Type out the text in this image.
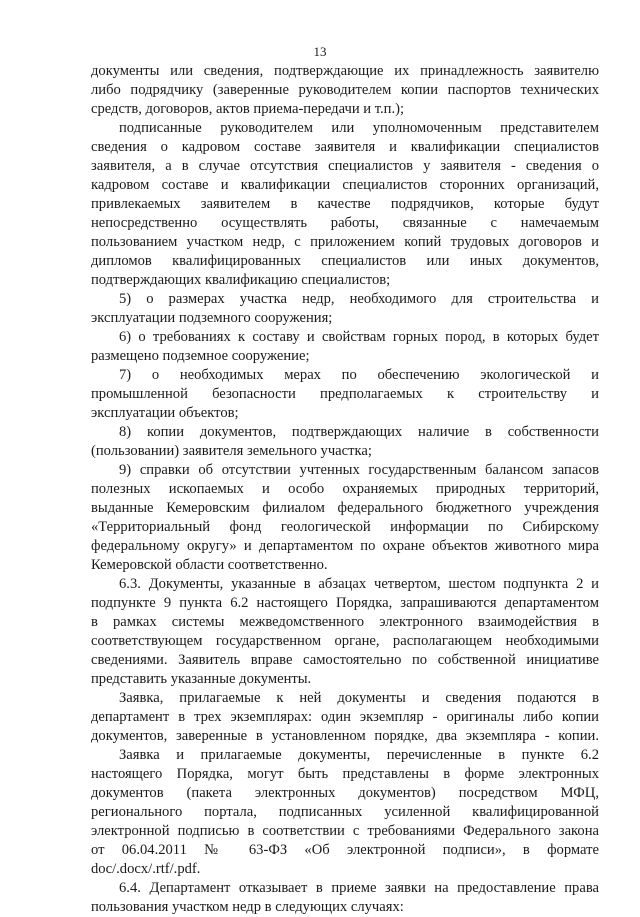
13
документы или сведения, подтверждающие их принадлежность заявителю
либо подрядчику (заверенные руководителем копии паспортов технических
средств, договоров, актов приема-передачи и т.п.);
подписанные руководителем или уполномоченным представителем
сведения о кадровом составе заявителя и квалификации специалистов
заявителя, а в случае отсутствия специалистов у заявителя - сведения о
кадровом составе и квалификации специалистов сторонних организаций,
привлекаемых заявителем в качестве подрядчиков, которые будут
непосредственно осуществлять работы, связанные с намечаемым
пользованием участком недр, с приложением копий трудовых договоров и
дипломов квалифицированных специалистов или иных документов,
подтверждающих квалификацию специалистов;
5) о размерах участка недр, необходимого для строительства и
эксплуатации подземного сооружения;
6) о требованиях к составу и свойствам горных пород, в которых будет
размещено подземное сооружение;
7) о необходимых мерах по обеспечению экологической и
промышленной безопасности предполагаемых к строительству и
эксплуатации объектов;
8) копии документов, подтверждающих наличие в собственности
(пользовании) заявителя земельного участка;
9) справки об отсутствии учтенных государственным балансом запасов
полезных ископаемых и особо охраняемых природных территорий,
выданные Кемеровским филиалом федерального бюджетного учреждения
«Территориальный фонд геологической информации по Сибирскому
федеральному округу» и департаментом по охране объектов животного мира
Кемеровской области соответственно.
6.3. Документы, указанные в абзацах четвертом, шестом подпункта 2 и
подпункте 9 пункта 6.2 настоящего Порядка, запрашиваются департаментом
в рамках системы межведомственного электронного взаимодействия в
соответствующем государственном органе, располагающем необходимыми
сведениями. Заявитель вправе самостоятельно по собственной инициативе
представить указанные документы.
Заявка, прилагаемые к ней документы и сведения подаются в
департамент в трех экземплярах: один экземпляр - оригиналы либо копии
документов, заверенные в установленном порядке, два экземпляра - копии.
Заявка и прилагаемые документы, перечисленные в пункте 6.2
настоящего Порядка, могут быть представлены в форме электронных
документов (пакета электронных документов) посредством МФЦ,
регионального портала, подписанных усиленной квалифицированной
электронной подписью в соответствии с требованиями Федерального закона
от 06.04.2011 № 63-ФЗ «Об электронной подписи», в формате
doc/.docx/.rtf/.pdf.
6.4. Департамент отказывает в приеме заявки на предоставление права
пользования участком недр в следующих случаях:
